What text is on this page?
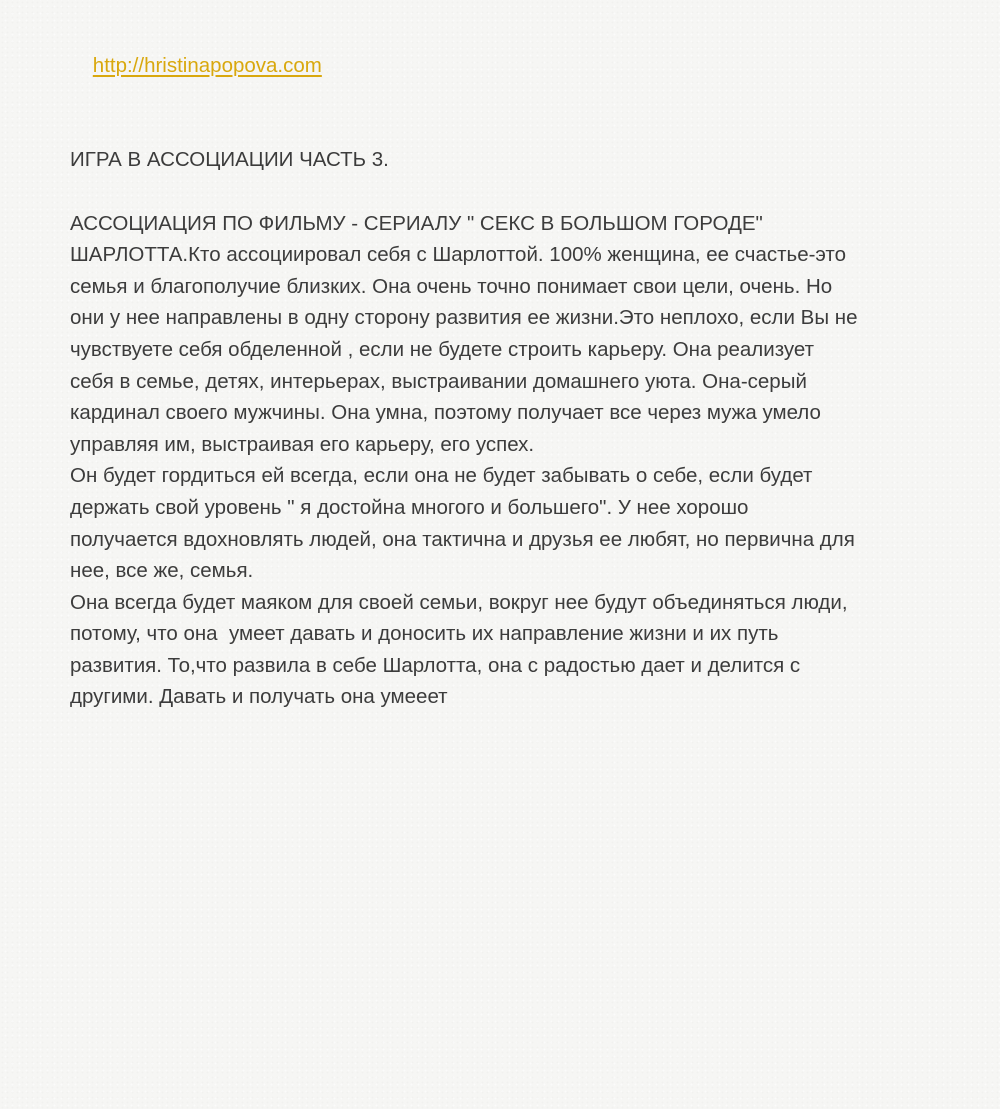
http://hristinapopova.com

ИГРА В АССОЦИАЦИИ ЧАСТЬ 3.
АССОЦИАЦИЯ ПО ФИЛЬМУ - СЕРИАЛУ " СЕКС В БОЛЬШОМ ГОРОДЕ"
ШАРЛОТТА.Кто ассоциировал себя с Шарлоттой. 100% женщина, ее счастье-это
семья и благополучие близких. Она очень точно понимает свои цели, очень. Но
они у нее направлены в одну сторону развития ее жизни.Это неплохо, если Вы не
чувствуете себя обделенной , если не будете строить карьеру. Она реализует
себя в семье, детях, интерьерах, выстраивании домашнего уюта. Она-серый
кардинал своего мужчины. Она умна, поэтому получает все через мужа умело
управляя им, выстраивая его карьеру, его успех.
Он будет гордиться ей всегда, если она не будет забывать о себе, если будет
держать свой уровень " я достойна многого и большего". У нее хорошо
получается вдохновлять людей, она тактична и друзья ее любят, но первична для
нее, все же, семья.
Она всегда будет маяком для своей семьи, вокруг нее будут объединяться люди,
потому, что она  умеет давать и доносить их направление жизни и их путь
развития. То,что развила в себе Шарлотта, она с радостью дает и делится с
другими. Давать и получать она умееет
